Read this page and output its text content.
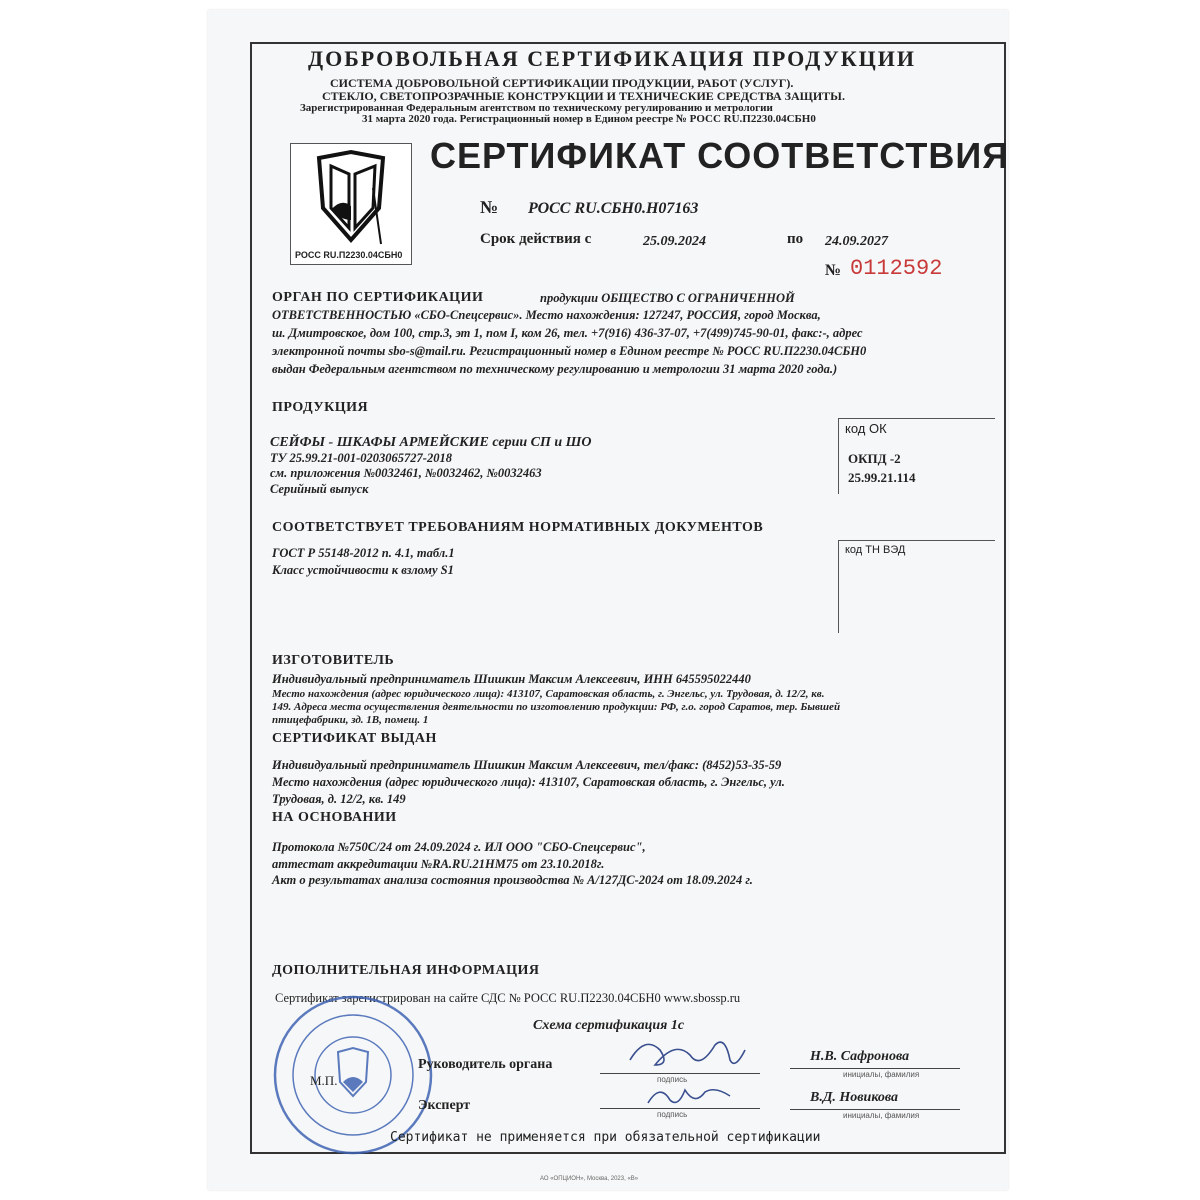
ДОБРОВОЛЬНАЯ СЕРТИФИКАЦИЯ ПРОДУКЦИИ
СИСТЕМА ДОБРОВОЛЬНОЙ СЕРТИФИКАЦИИ ПРОДУКЦИИ, РАБОТ (УСЛУГ).
СТЕКЛО, СВЕТОПРОЗРАЧНЫЕ КОНСТРУКЦИИ И ТЕХНИЧЕСКИЕ СРЕДСТВА ЗАЩИТЫ.
Зарегистрированная Федеральным агентством по техническому регулированию и метрологии
31 марта 2020 года. Регистрационный номер в Едином реестре № РОСС RU.П2230.04СБН0
РОСС RU.П2230.04СБН0
СЕРТИФИКАТ СООТВЕТСТВИЯ
№ РОСС RU.СБН0.Н07163
Срок действия с	25.09.2024	по 24.09.2027
№ 0112592
ОРГАН ПО СЕРТИФИКАЦИИ	продукции ОБЩЕСТВО С ОГРАНИЧЕННОЙ
ОТВЕТСТВЕННОСТЬЮ «СБО-Спецсервис». Место нахождения: 127247, РОССИЯ, город Москва,
ш. Дмитровское, дом 100, стр.3, эт 1, пом I, ком 26, тел. +7(916) 436-37-07, +7(499)745-90-01, факс:-, адрес
электронной почты sbo-s@mail.ru. Регистрационный номер в Едином реестре № РОСС RU.П2230.04СБН0
выдан Федеральным агентством по техническому регулированию и метрологии 31 марта 2020 года.)
ПРОДУКЦИЯ
СЕЙФЫ - ШКАФЫ АРМЕЙСКИЕ серии СП и ШО
ТУ 25.99.21-001-0203065727-2018
см. приложения №0032461, №0032462, №0032463
Серийный выпуск
код ОК
ОКПД -2
25.99.21.114
СООТВЕТСТВУЕТ ТРЕБОВАНИЯМ НОРМАТИВНЫХ ДОКУМЕНТОВ
ГОСТ Р 55148-2012 п. 4.1, табл.1
Класс устойчивости к взлому S1
код ТН ВЭД
ИЗГОТОВИТЕЛЬ
Индивидуальный предприниматель Шишкин Максим Алексеевич, ИНН 645595022440
Место нахождения (адрес юридического лица): 413107, Саратовская область, г. Энгельс, ул. Трудовая, д. 12/2, кв.
149. Адреса места осуществления деятельности по изготовлению продукции: РФ, г.о. город Саратов, тер. Бывшей
птицефабрики, зд. 1В, помещ. 1
СЕРТИФИКАТ ВЫДАН
Индивидуальный предприниматель Шишкин Максим Алексеевич, тел/факс: (8452)53-35-59
Место нахождения (адрес юридического лица): 413107, Саратовская область, г. Энгельс, ул.
Трудовая, д. 12/2, кв. 149
НА ОСНОВАНИИ
Протокола №750С/24 от 24.09.2024 г. ИЛ ООО "СБО-Спецсервис",
аттестат аккредитации №RA.RU.21НМ75 от 23.10.2018г.
Акт о результатах анализа состояния производства № А/127ДС-2024 от 18.09.2024 г.
ДОПОЛНИТЕЛЬНАЯ ИНФОРМАЦИЯ
Сертификат зарегистрирован на сайте СДС № РОСС RU.П2230.04СБН0 www.sbossp.ru
Схема сертификация 1с
М.П.
Руководитель органа
подпись
Н.В. Сафронова
инициалы, фамилия
Эксперт
подпись
В.Д. Новикова
инициалы, фамилия
Сертификат не применяется при обязательной сертификации
АО «ОПЦИОН», Москва, 2023, «В»
